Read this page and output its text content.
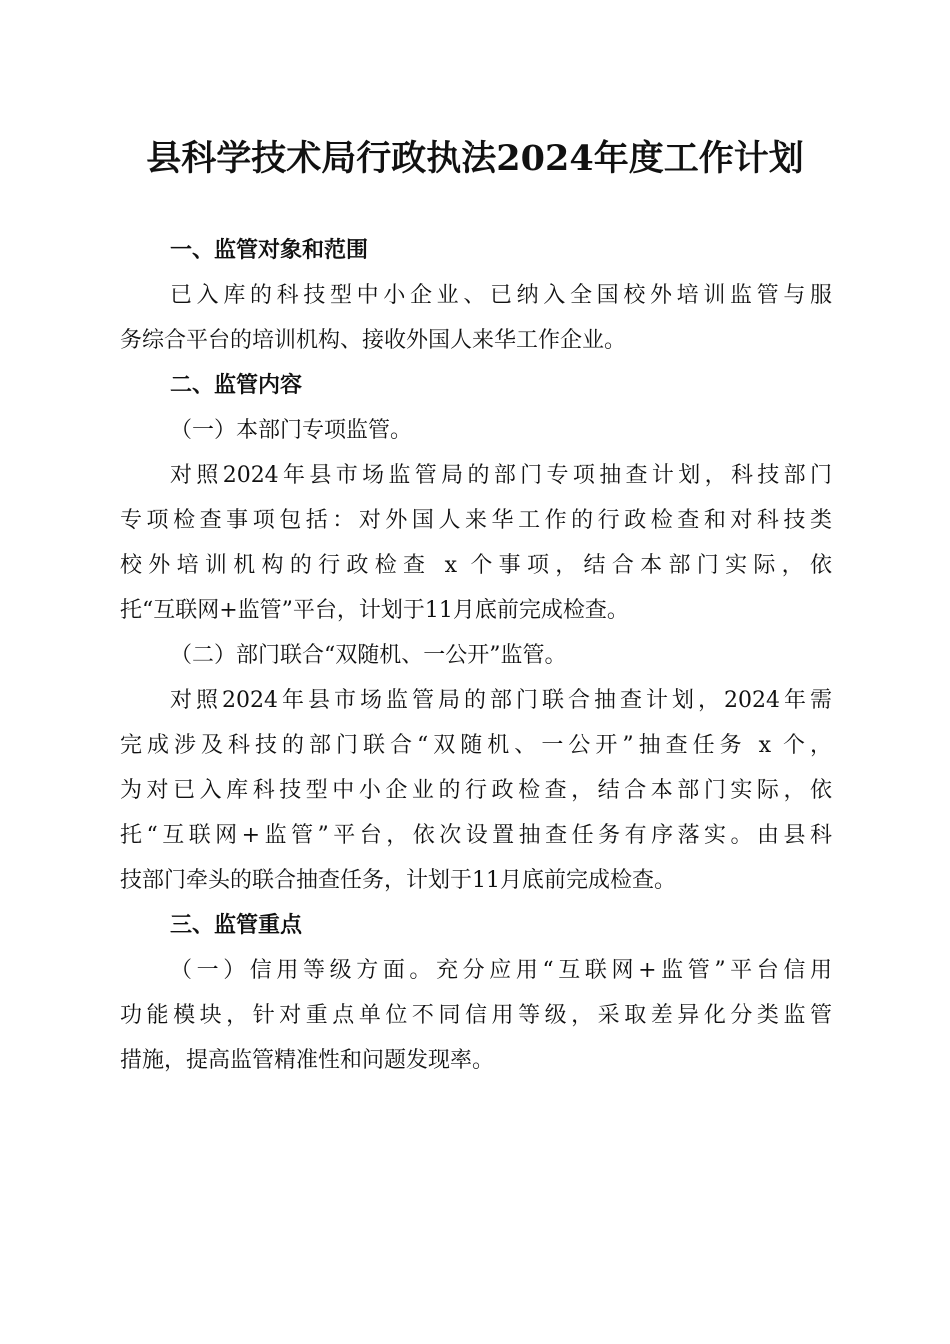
县科学技术局行政执法2024年度工作计划
一、监管对象和范围
已入库的科技型中小企业、已纳入全国校外培训监管与服
务综合平台的培训机构、接收外国人来华工作企业。
二、监管内容
（一）本部门专项监管。
对照2024年县市场监管局的部门专项抽查计划，科技部门
专项检查事项包括：对外国人来华工作的行政检查和对科技类
校外培训机构的行政检查 x 个事项，结合本部门实际，依
托“互联网+监管”平台，计划于11月底前完成检查。
（二）部门联合“双随机、一公开”监管。
对照2024年县市场监管局的部门联合抽查计划，2024年需
完成涉及科技的部门联合“双随机、一公开”抽查任务 x 个，
为对已入库科技型中小企业的行政检查，结合本部门实际，依
托“互联网+监管”平台，依次设置抽查任务有序落实。由县科
技部门牵头的联合抽查任务，计划于11月底前完成检查。
三、监管重点
（一）信用等级方面。充分应用“互联网+监管”平台信用
功能模块，针对重点单位不同信用等级，采取差异化分类监管
措施，提高监管精准性和问题发现率。
